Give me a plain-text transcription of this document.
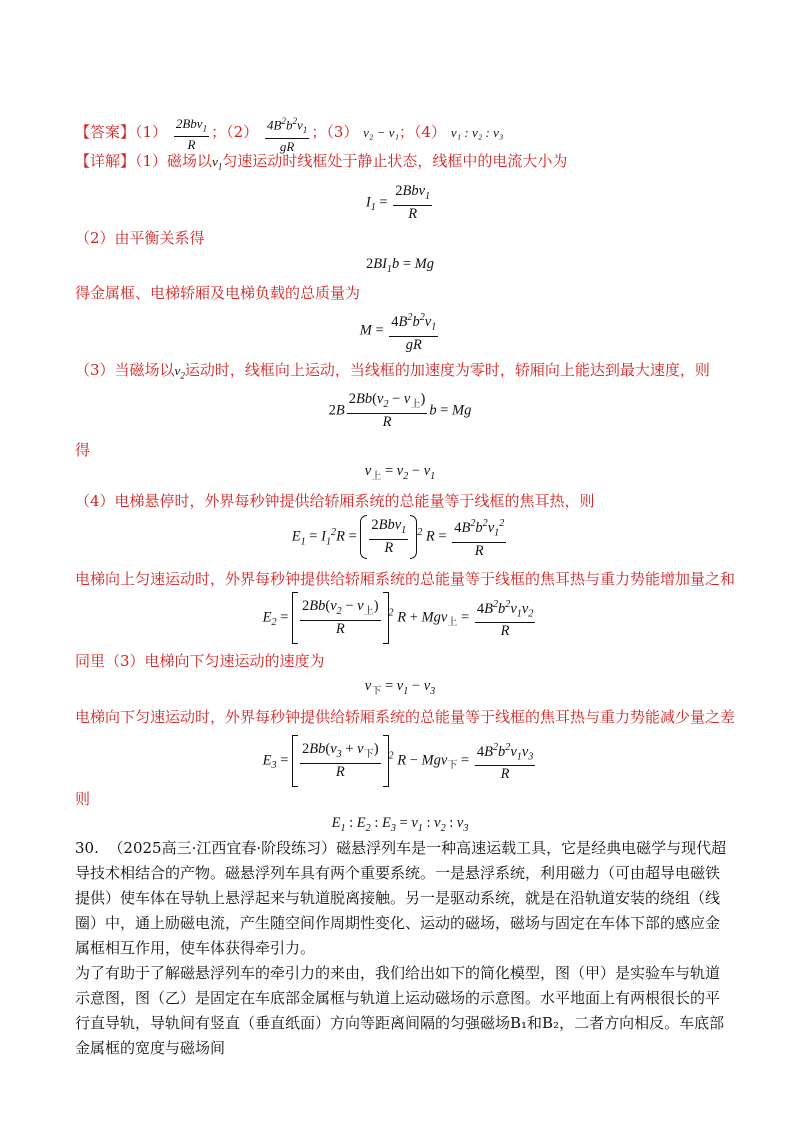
【答案】$(1) \frac{2Bbv_1}{R}$ ；$(2) \frac{4B^2b^2v_1}{gR}$ ；（3） v₂ − v₁；（4） v₁ : v₂ : v₃
【详解】（1）磁场以$v_1$匀速运动时线框处于静止状态，线框中的电流大小为
$I_1 = \frac{2Bbv_1}{R}$
（2）由平衡关系得
$2BI_1b = Mg$
得金属框、电梯轿厢及电梯负载的总质量为
$M = \frac{4B^2b^2v_1}{gR}$
（3）当磁场以$v_2$运动时，线框向上运动，当线框的加速度为零时，轿厢向上能达到最大速度，则
$2B \frac{2Bb(v_2 - v_上)}{R}$ b = Mg
得
$v_上 = v_2 - v_1$
（4）电梯悬停时，外界每秒钟提供给轿厢系统的总能量等于线框的焦耳热，则
$E_1 = I_1^2R = \frac{2Bbv_1}{R} ^2$ $R = \frac{4B^2b^2v_1^2}{R}$
电梯向上匀速运动时，外界每秒钟提供给轿厢系统的总能量等于线框的焦耳热与重力势能增加量之和
$E_2 = \frac{2Bb(v_2 - v_上)}{R} ^2$ $R + Mgv_上 = \frac{4B^2b^2v_1v_2}{R}$
同里（3）电梯向下匀速运动的速度为
$v_下 = v_1 - v_3$
电梯向下匀速运动时，外界每秒钟提供给轿厢系统的总能量等于线框的焦耳热与重力势能减少量之差
$E_3 = \frac{2Bb(v_3 + v_下)}{R} ^2$ $R - Mgv_下 = \frac{4B^2b^2v_1v_3}{R}$
则
$E_1$ : $E_2$ : $E_3 = v_1$ : $v_2$ : $v_3$
30. （2025高三·江西宜春·阶段练习）磁悬浮列车是一种高速运载工具，它是经典电磁学与现代超导技术相结合的产物。磁悬浮列车具有两个重要系统。一是悬浮系统，利用磁力（可由超导电磁铁提供）使车体在导轨上悬浮起来与轨道脱离接触。另一是驱动系统，就是在沿轨道安装的绕组（线圈）中，通上励磁电流，产生随空间作周期性变化、运动的磁场，磁场与固定在车体下部的感应金属框相互作用，使车体获得牵引力。
为了有助于了解磁悬浮列车的牵引力的来由，我们给出如下的简化模型，图（甲）是实验车与轨道示意图，图（乙）是固定在车底部金属框与轨道上运动磁场的示意图。水平地面上有两根很长的平行直导轨，导轨间有竖直（垂直纸面）方向等距离间隔的匀强磁场B₁和B₂，二者方向相反。车底部金属框的宽度与磁场间
